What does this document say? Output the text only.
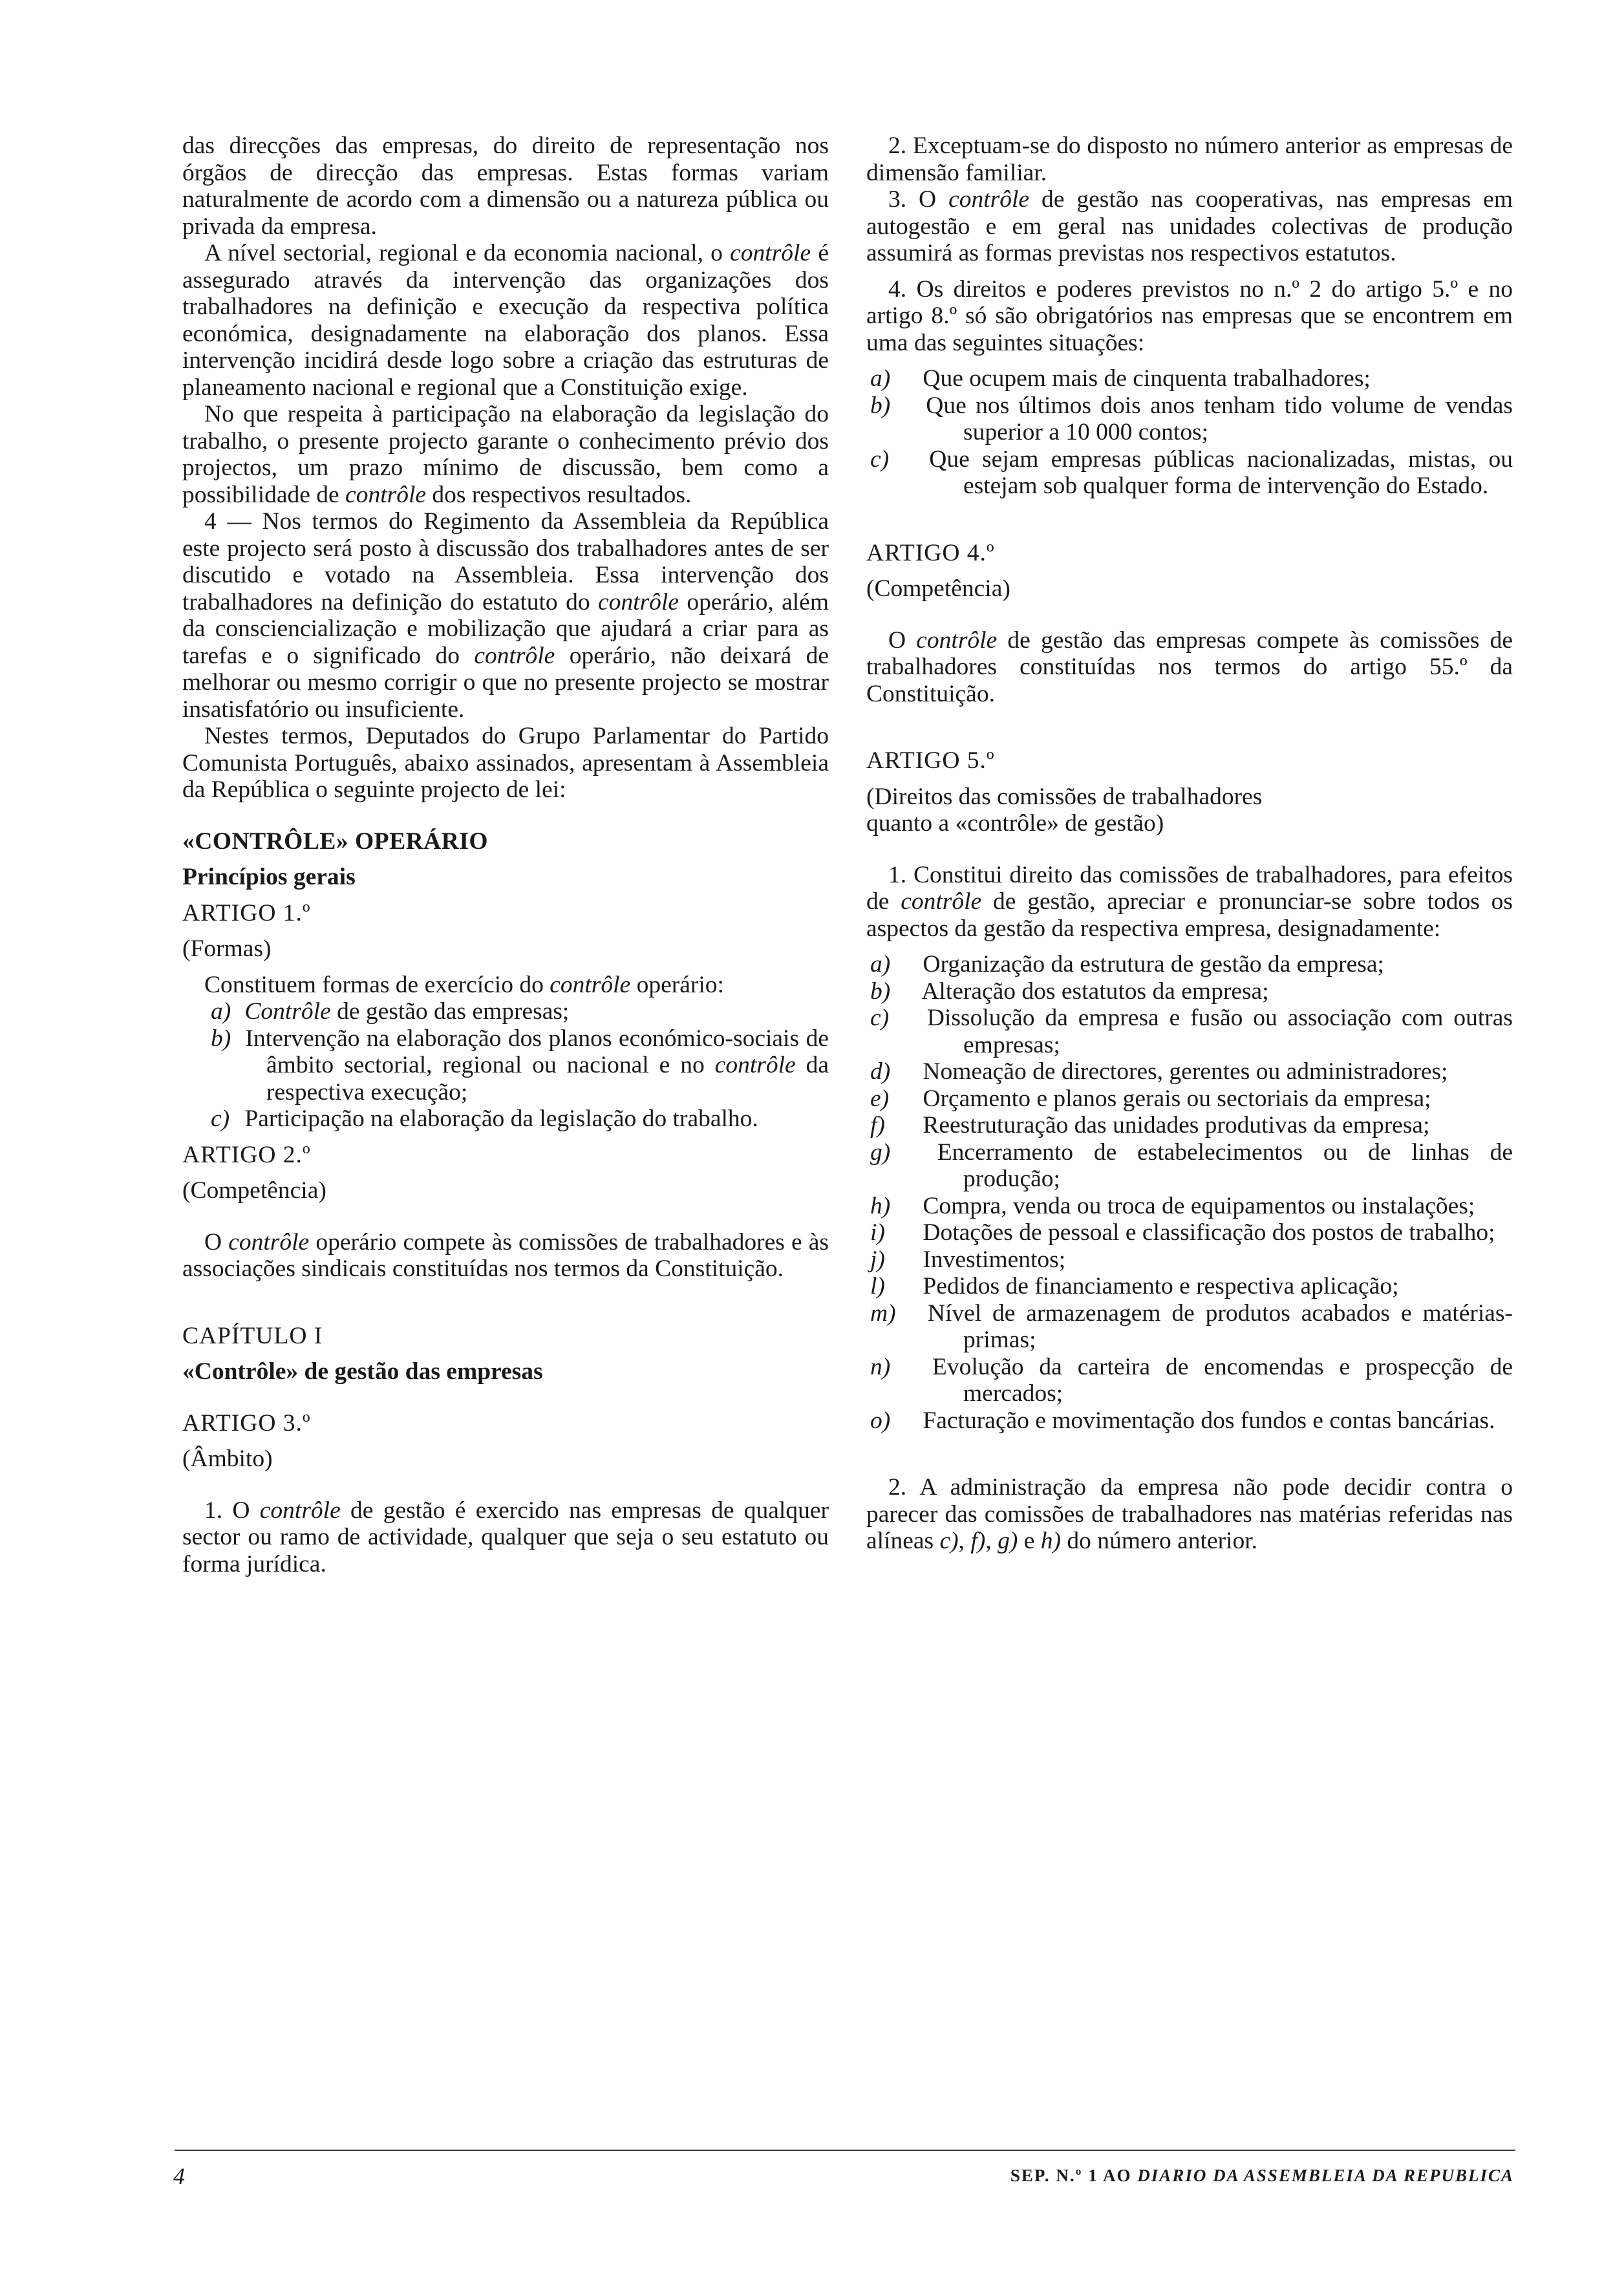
das direcções das empresas, do direito de representação nos órgãos de direcção das empresas. Estas formas variam naturalmente de acordo com a dimensão ou a natureza pública ou privada da empresa.

A nível sectorial, regional e da economia nacional, o contrôle é assegurado através da intervenção das organizações dos trabalhadores na definição e execução da respectiva política económica, designadamente na elaboração dos planos. Essa intervenção incidirá desde logo sobre a criação das estruturas de planeamento nacional e regional que a Constituição exige.

No que respeita à participação na elaboração da legislação do trabalho, o presente projecto garante o conhecimento prévio dos projectos, um prazo mínimo de discussão, bem como a possibilidade de contrôle dos respectivos resultados.

4 — Nos termos do Regimento da Assembleia da República este projecto será posto à discussão dos trabalhadores antes de ser discutido e votado na Assembleia. Essa intervenção dos trabalhadores na definição do estatuto do contrôle operário, além da consciencialização e mobilização que ajudará a criar para as tarefas e o significado do contrôle operário, não deixará de melhorar ou mesmo corrigir o que no presente projecto se mostrar insatisfatório ou insuficiente.

Nestes termos, Deputados do Grupo Parlamentar do Partido Comunista Português, abaixo assinados, apresentam à Assembleia da República o seguinte projecto de lei:

«CONTRÔLE» OPERÁRIO

Princípios gerais

ARTIGO 1.º

(Formas)

Constituem formas de exercício do contrôle operário:

a) Contrôle de gestão das empresas;
b) Intervenção na elaboração dos planos económico-sociais de âmbito sectorial, regional ou nacional e no contrôle da respectiva execução;
c) Participação na elaboração da legislação do trabalho.

ARTIGO 2.º

(Competência)

O contrôle operário compete às comissões de trabalhadores e às associações sindicais constituídas nos termos da Constituição.

CAPÍTULO I

«Contrôle» de gestão das empresas

ARTIGO 3.º

(Âmbito)

1. O contrôle de gestão é exercido nas empresas de qualquer sector ou ramo de actividade, qualquer que seja o seu estatuto ou forma jurídica.

2. Exceptuam-se do disposto no número anterior as empresas de dimensão familiar.

3. O contrôle de gestão nas cooperativas, nas empresas em autogestão e em geral nas unidades colectivas de produção assumirá as formas previstas nos respectivos estatutos.

4. Os direitos e poderes previstos no n.º 2 do artigo 5.º e no artigo 8.º só são obrigatórios nas empresas que se encontrem em uma das seguintes situações:

a) Que ocupem mais de cinquenta trabalhadores;
b) Que nos últimos dois anos tenham tido volume de vendas superior a 10 000 contos;
c) Que sejam empresas públicas nacionalizadas, mistas, ou estejam sob qualquer forma de intervenção do Estado.

ARTIGO 4.º

(Competência)

O contrôle de gestão das empresas compete às comissões de trabalhadores constituídas nos termos do artigo 55.º da Constituição.

ARTIGO 5.º

(Direitos das comissões de trabalhadores

quanto a «contrôle» de gestão)

1. Constitui direito das comissões de trabalhadores, para efeitos de contrôle de gestão, apreciar e pronunciar-se sobre todos os aspectos da gestão da respectiva empresa, designadamente:

a) Organização da estrutura de gestão da empresa;
b) Alteração dos estatutos da empresa;
c) Dissolução da empresa e fusão ou associação com outras empresas;
d) Nomeação de directores, gerentes ou administradores;
e) Orçamento e planos gerais ou sectoriais da empresa;
f) Reestruturação das unidades produtivas da empresa;
g) Encerramento de estabelecimentos ou de linhas de produção;
h) Compra, venda ou troca de equipamentos ou instalações;
i) Dotações de pessoal e classificação dos postos de trabalho;
j) Investimentos;
l) Pedidos de financiamento e respectiva aplicação;
m) Nível de armazenagem de produtos acabados e matérias-primas;
n) Evolução da carteira de encomendas e prospecção de mercados;
o) Facturação e movimentação dos fundos e contas bancárias.

2. A administração da empresa não pode decidir contra o parecer das comissões de trabalhadores nas matérias referidas nas alíneas c), f), g) e h) do número anterior.

4	SEP. N.º 1 AO DIARIO DA ASSEMBLEIA DA REPUBLICA
